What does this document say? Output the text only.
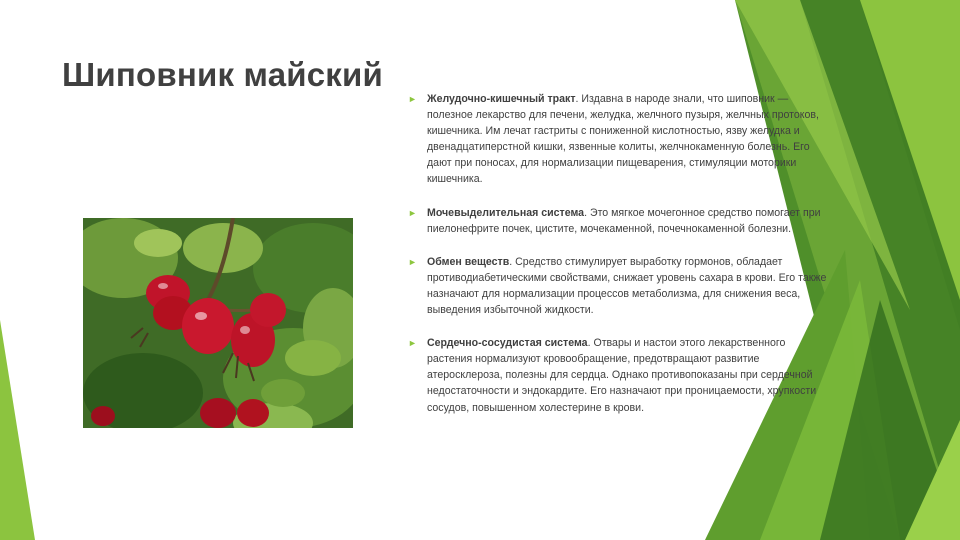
Шиповник майский
► Желудочно-кишечный тракт. Издавна в народе знали, что шиповник — полезное лекарство для печени, желудка, желчного пузыря, желчных протоков, кишечника. Им лечат гастриты с пониженной кислотностью, язву желудка и двенадцатиперстной кишки, язвенные колиты, желчнокаменную болезнь. Его дают при поносах, для нормализации пищеварения, стимуляции моторики кишечника.
► Мочевыделительная система. Это мягкое мочегонное средство помогает при пиелонефрите почек, цистите, мочекаменной, почечнокаменной болезни.
► Обмен веществ. Средство стимулирует выработку гормонов, обладает противодиабетическими свойствами, снижает уровень сахара в крови. Его также назначают для нормализации процессов метаболизма, для снижения веса, выведения избыточной жидкости.
► Сердечно-сосудистая система. Отвары и настои этого лекарственного растения нормализуют кровообращение, предотвращают развитие атеросклероза, полезны для сердца. Однако противопоказаны при сердечной недостаточности и эндокардите. Его назначают при проницаемости, хрупкости сосудов, повышенном холестерине в крови.
